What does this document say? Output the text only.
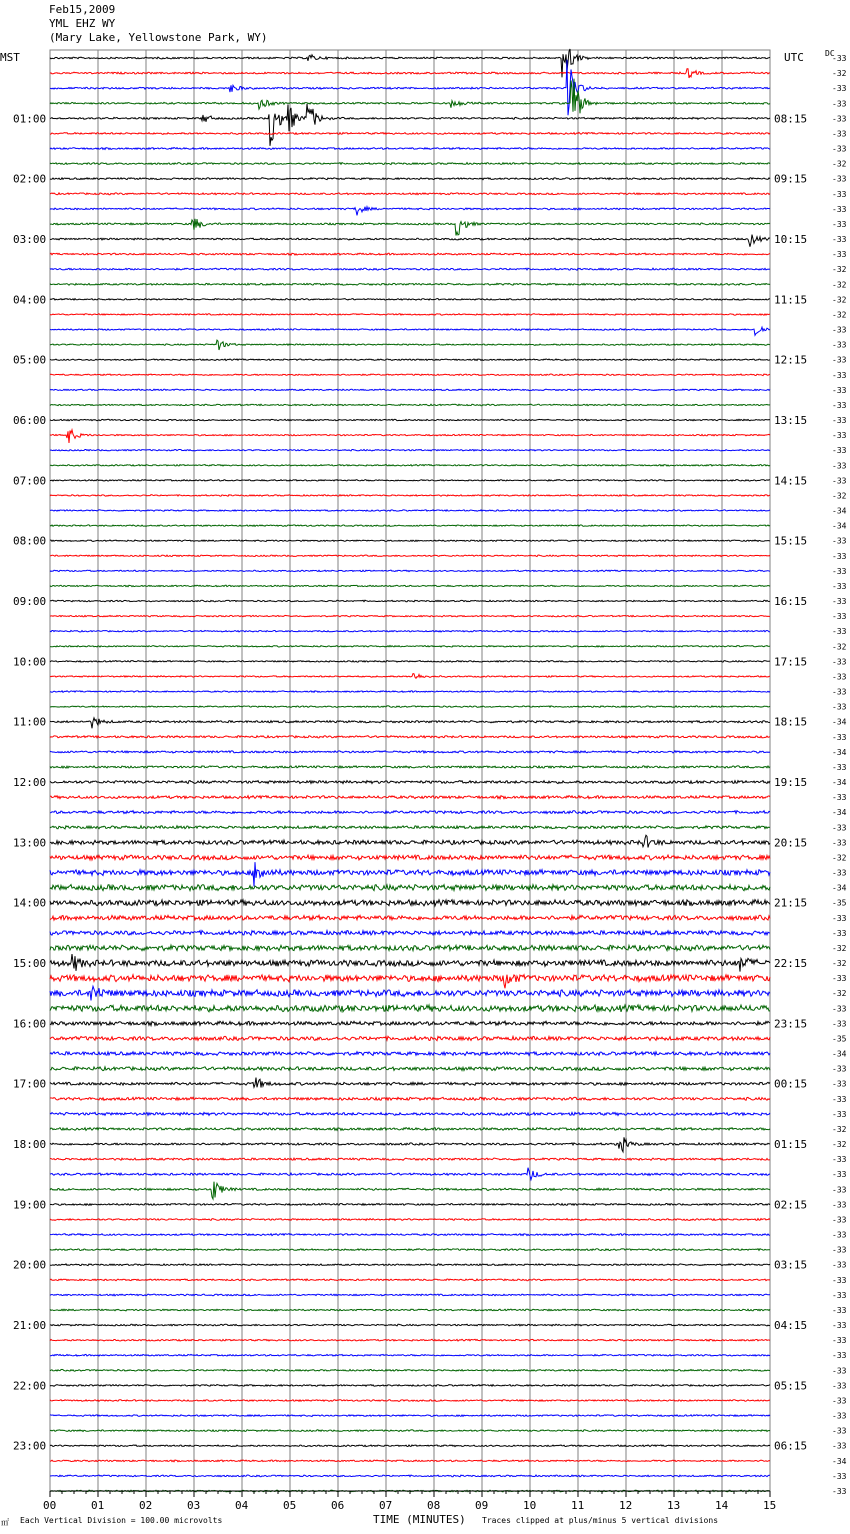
Feb15,2009
YML EHZ WY
(Mary Lake, Yellowstone Park, WY)
-33
-32
-33
-33
-33
-33
-33
-32
-33
-33
-33
-33
-33
-33
-32
-32
-32
-32
-33
-33
-33
-33
-33
-33
-33
-33
-33
-33
-33
-32
-34
-34
-33
-33
-33
-33
-33
-33
-33
-32
-33
-33
-33
-33
-34
-33
-34
-33
-34
-33
-34
-33
-33
-32
-33
-34
-35
-33
-33
-32
-32
-33
-32
-33
-33
-35
-34
-33
-33
-33
-33
-32
-32
-33
-33
-33
-33
-33
-33
-33
-33
-33
-33
-33
-33
-33
-33
-33
-33
-33
-33
-33
-33
-34
-33
-33
MST	UTC	DC
01:00
02:00
03:00
04:00
05:00
06:00
07:00
08:00
09:00
10:00
11:00
12:00
13:00
14:00
15:00
16:00
17:00
18:00
19:00
20:00
21:00
22:00
23:00
08:15
09:15
10:15
11:15
12:15
13:15
14:15
15:15
16:15
17:15
18:15
19:15
20:15
21:15
22:15
23:15
00:15
01:15
02:15
03:15
04:15
05:15
06:15
00	01	02	03	04	05	06	07	08	09	10	11	12	13	14	15
㎡ Each Vertical Division = 100.00 microvolts	TIME (MINUTES) Traces clipped at plus/minus 5 vertical divisions
